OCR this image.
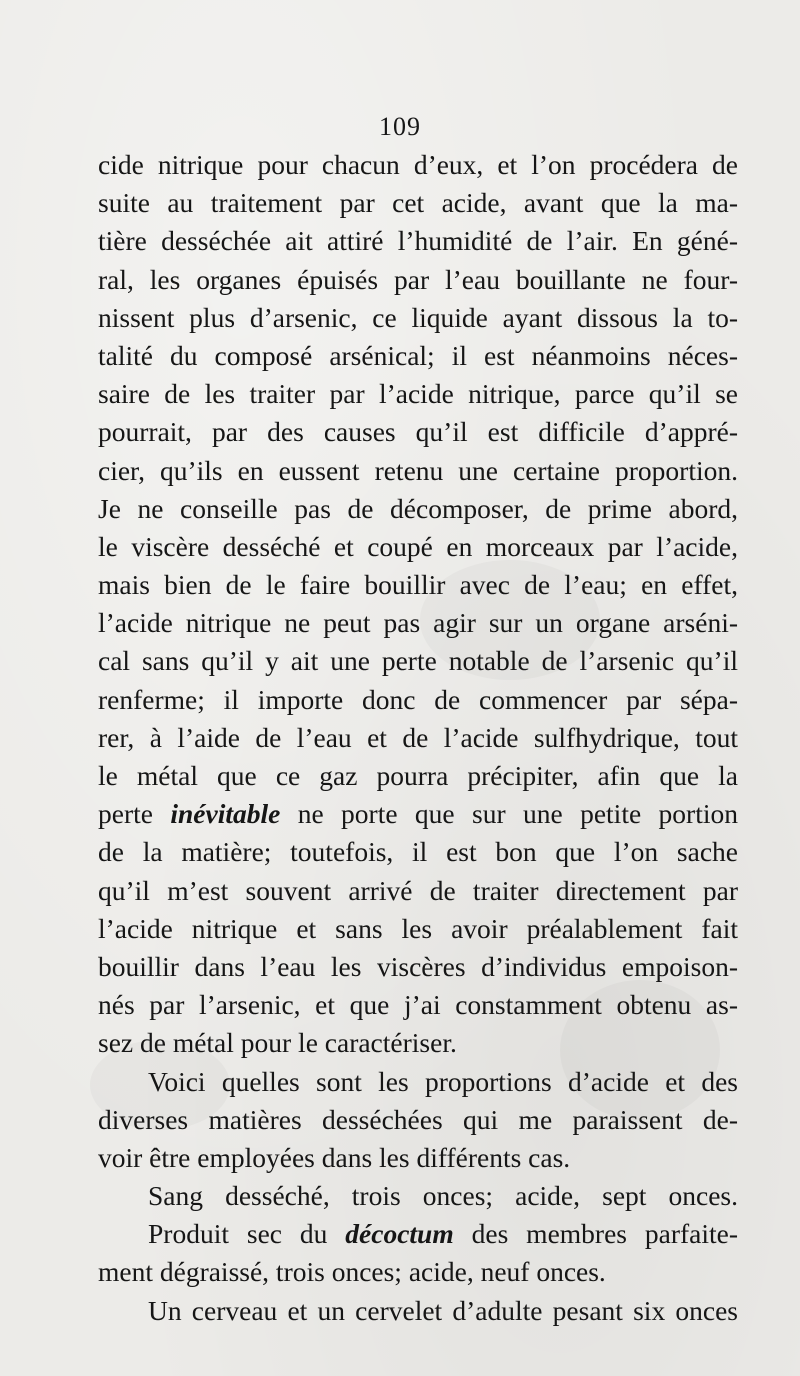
109
cide nitrique pour chacun d’eux, et l’on procédera de
suite au traitement par cet acide, avant que la ma-
tière desséchée ait attiré l’humidité de l’air. En géné-
ral, les organes épuisés par l’eau bouillante ne four-
nissent plus d’arsenic, ce liquide ayant dissous la to-
talité du composé arsénical; il est néanmoins néces-
saire de les traiter par l’acide nitrique, parce qu’il se
pourrait, par des causes qu’il est difficile d’appré-
cier, qu’ils en eussent retenu une certaine proportion.
Je ne conseille pas de décomposer, de prime abord,
le viscère desséché et coupé en morceaux par l’acide,
mais bien de le faire bouillir avec de l’eau; en effet,
l’acide nitrique ne peut pas agir sur un organe arséni-
cal sans qu’il y ait une perte notable de l’arsenic qu’il
renferme; il importe donc de commencer par sépa-
rer, à l’aide de l’eau et de l’acide sulfhydrique, tout
le métal que ce gaz pourra précipiter, afin que la
perte inévitable ne porte que sur une petite portion
de la matière; toutefois, il est bon que l’on sache
qu’il m’est souvent arrivé de traiter directement par
l’acide nitrique et sans les avoir préalablement fait
bouillir dans l’eau les viscères d’individus empoison-
nés par l’arsenic, et que j’ai constamment obtenu as-
sez de métal pour le caractériser.
Voici quelles sont les proportions d’acide et des
diverses matières desséchées qui me paraissent de-
voir être employées dans les différents cas.
Sang desséché, trois onces; acide, sept onces.
Produit sec du décoctum des membres parfaite-
ment dégraissé, trois onces; acide, neuf onces.
Un cerveau et un cervelet d’adulte pesant six onces
